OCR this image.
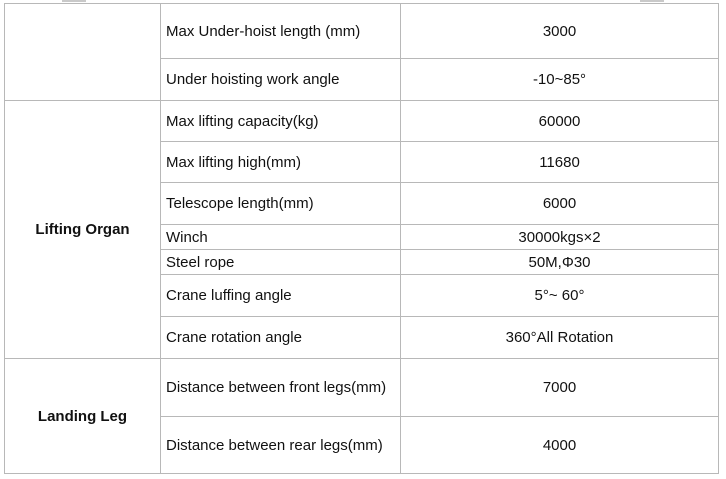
	Max Under-hoist length (mm)	3000
	Under hoisting work angle	-10~85°
Lifting Organ	Max lifting capacity(kg)	60000
	Max lifting high(mm)	11680
	Telescope length(mm)	6000
	Winch	30000kgs×2
	Steel rope	50M,Φ30
	Crane luffing angle	5°~ 60°
	Crane rotation angle	360°All Rotation
Landing Leg	Distance between front legs(mm)	7000
	Distance between rear legs(mm)	4000
